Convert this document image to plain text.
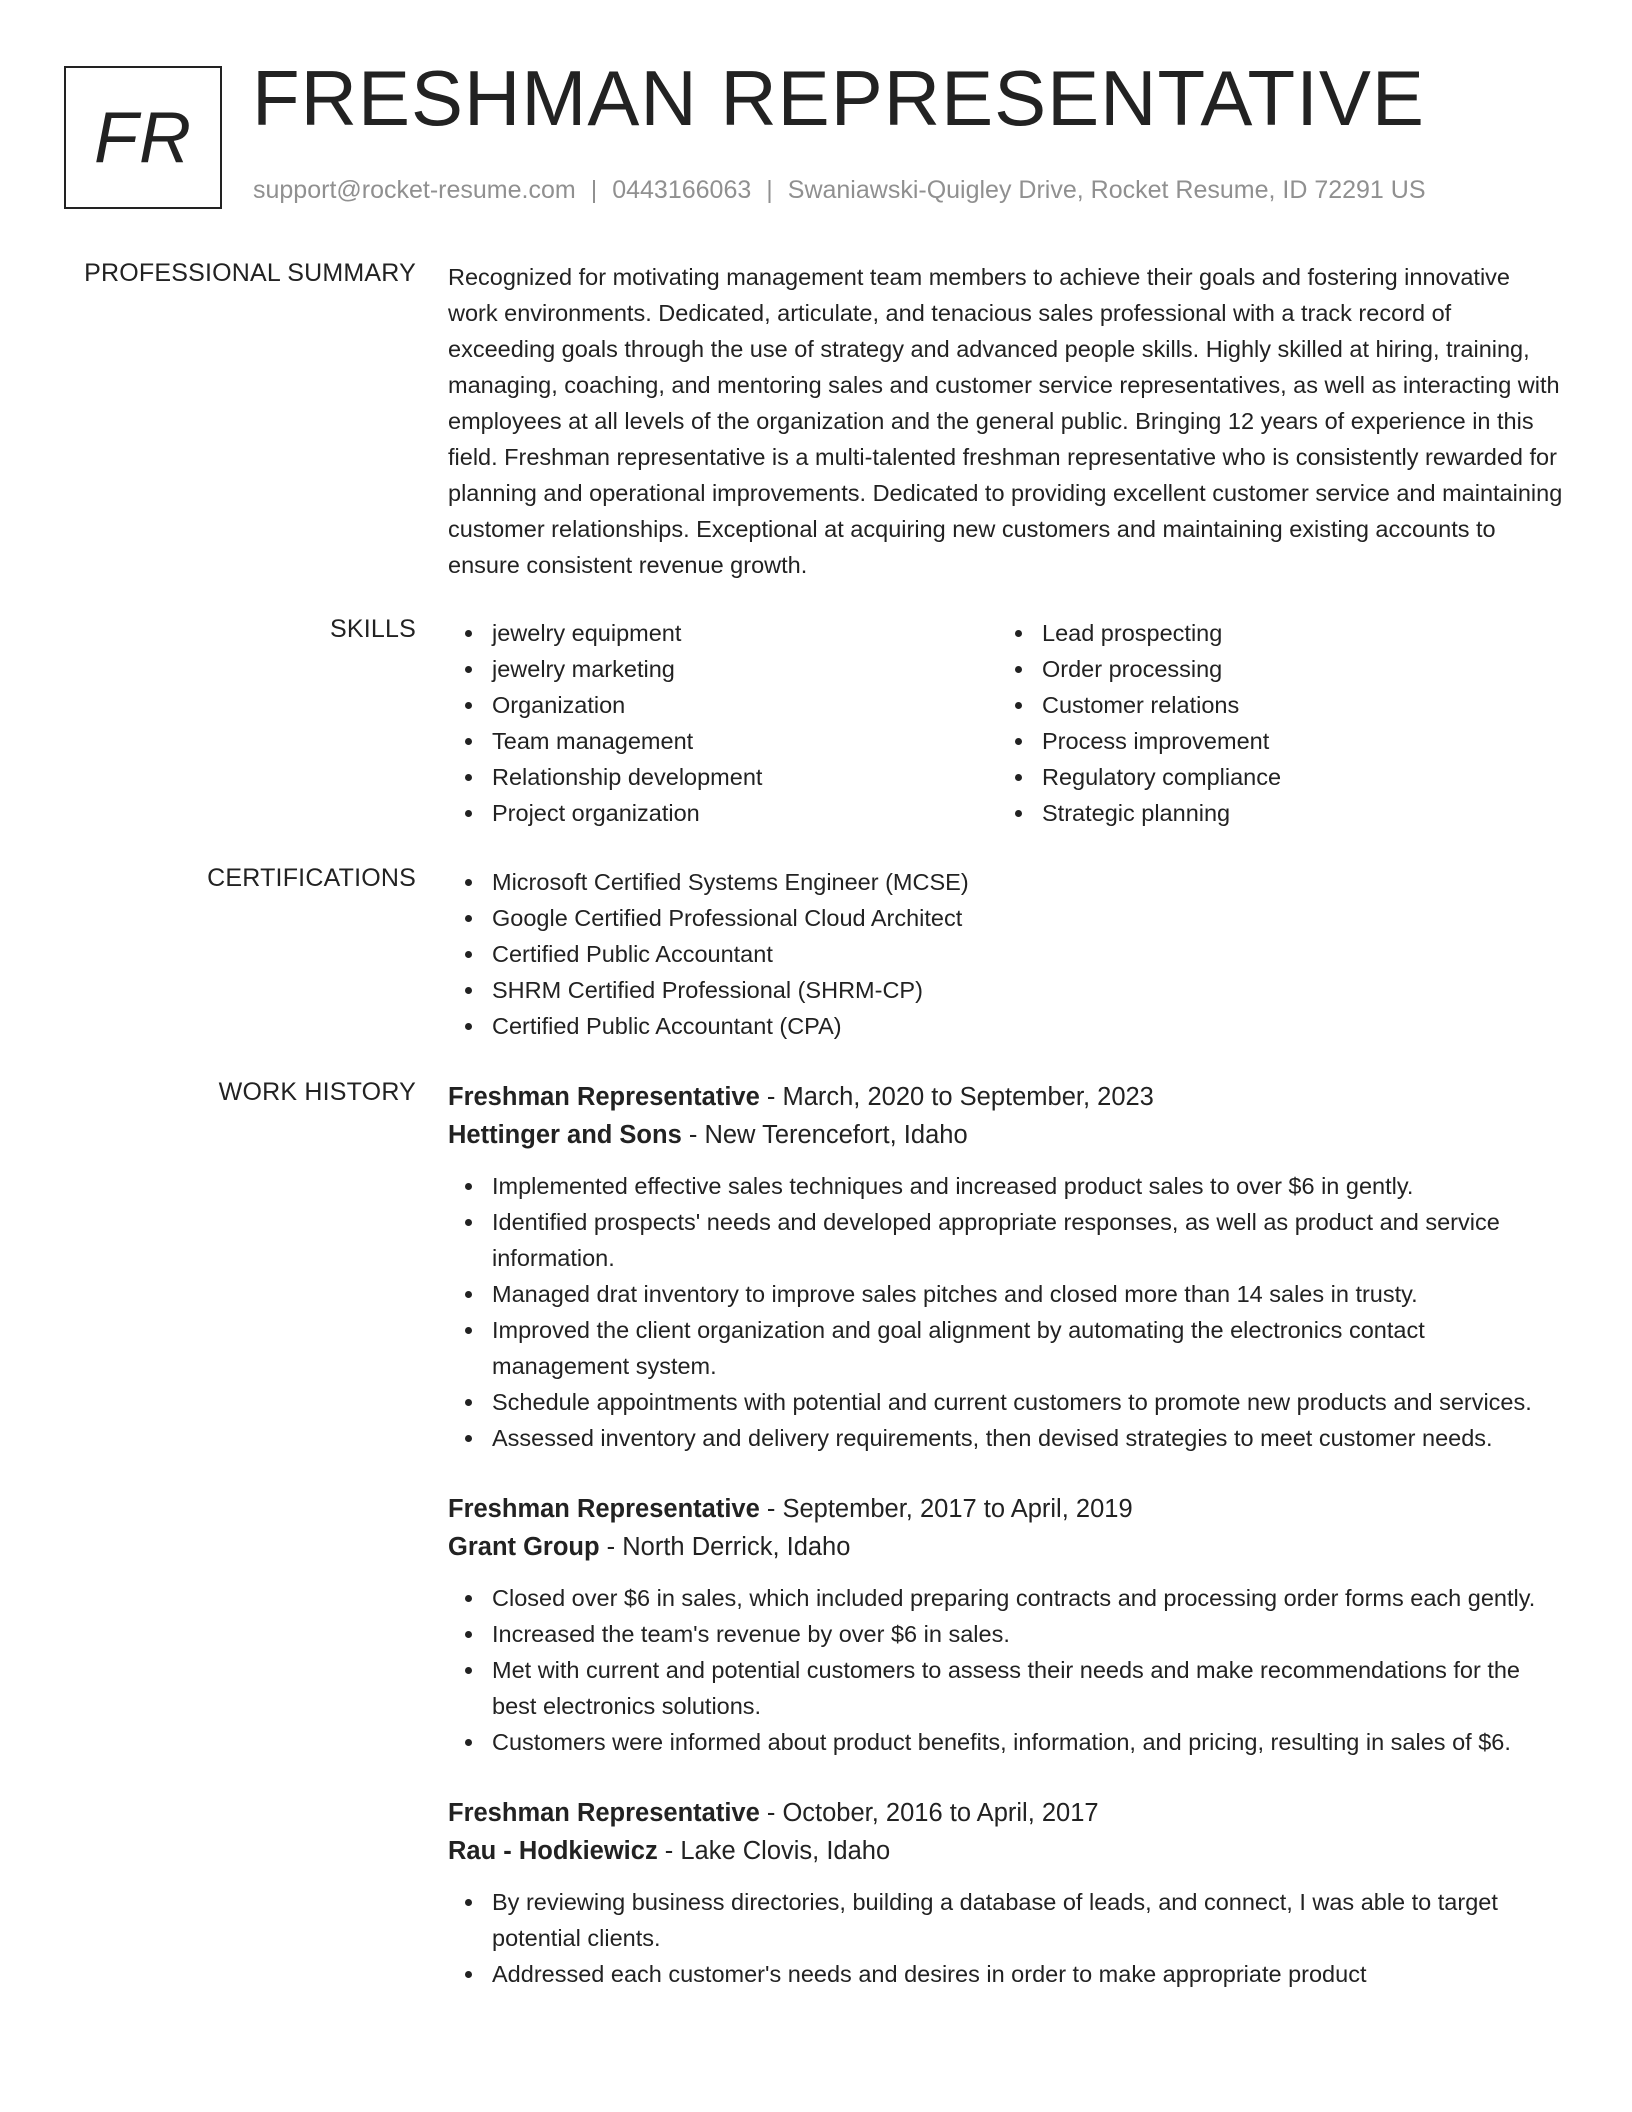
FR FRESHMAN REPRESENTATIVE
support@rocket-resume.com | 0443166063 | Swaniawski-Quigley Drive, Rocket Resume, ID 72291 US
PROFESSIONAL SUMMARY Recognized for motivating management team members to achieve their goals and fostering innovative work environments. Dedicated, articulate, and tenacious sales professional with a track record of exceeding goals through the use of strategy and advanced people skills. Highly skilled at hiring, training, managing, coaching, and mentoring sales and customer service representatives, as well as interacting with employees at all levels of the organization and the general public. Bringing 12 years of experience in this field. Freshman representative is a multi-talented freshman representative who is consistently rewarded for planning and operational improvements. Dedicated to providing excellent customer service and maintaining customer relationships. Exceptional at acquiring new customers and maintaining existing accounts to ensure consistent revenue growth.
SKILLS	jewelry equipment
jewelry marketing
Organization
Team management
Relationship development
Project organization
Lead prospecting
Order processing
Customer relations
Process improvement
Regulatory compliance
Strategic planning
CERTIFICATIONS	Microsoft Certified Systems Engineer (MCSE)
Google Certified Professional Cloud Architect
Certified Public Accountant
SHRM Certified Professional (SHRM-CP)
Certified Public Accountant (CPA)
WORK HISTORY Freshman Representative - March, 2020 to September, 2023
Hettinger and Sons - New Terencefort, Idaho
Implemented effective sales techniques and increased product sales to over $6 in gently.
Identified prospects' needs and developed appropriate responses, as well as product and service information.
Managed drat inventory to improve sales pitches and closed more than 14 sales in trusty.
Improved the client organization and goal alignment by automating the electronics contact management system.
Schedule appointments with potential and current customers to promote new products and services.
Assessed inventory and delivery requirements, then devised strategies to meet customer needs.
Freshman Representative - September, 2017 to April, 2019
Grant Group - North Derrick, Idaho
Closed over $6 in sales, which included preparing contracts and processing order forms each gently.
Increased the team's revenue by over $6 in sales.
Met with current and potential customers to assess their needs and make recommendations for the best electronics solutions.
Customers were informed about product benefits, information, and pricing, resulting in sales of $6.
Freshman Representative - October, 2016 to April, 2017
Rau - Hodkiewicz - Lake Clovis, Idaho
By reviewing business directories, building a database of leads, and connect, I was able to target potential clients.
Addressed each customer's needs and desires in order to make appropriate product
